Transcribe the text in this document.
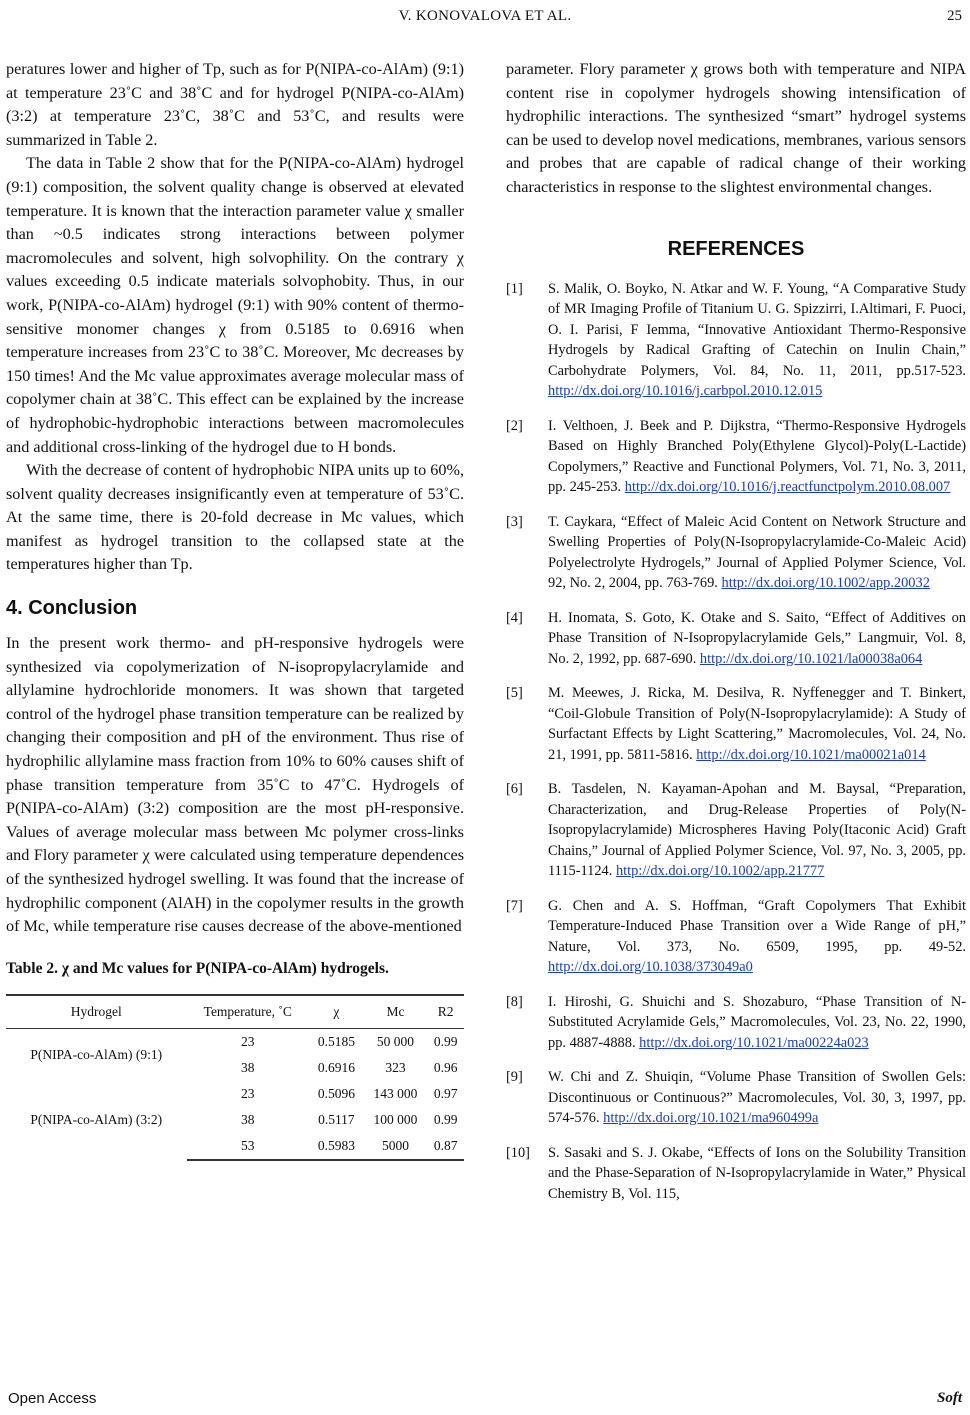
V. KONOVALOVA ET AL.	25

peratures lower and higher of Tp, such as for P(NIPA-co-AlAm) (9:1) at temperature 23˚C and 38˚C and for hydrogel P(NIPA-co-AlAm) (3:2) at temperature 23˚C, 38˚C and 53˚C, and results were summarized in Table 2.

The data in Table 2 show that for the P(NIPA-co-AlAm) hydrogel (9:1) composition, the solvent quality change is observed at elevated temperature. It is known that the interaction parameter value χ smaller than ~0.5 indicates strong interactions between polymer macromolecules and solvent, high solvophility. On the contrary χ values exceeding 0.5 indicate materials solvophobity. Thus, in our work, P(NIPA-co-AlAm) hydrogel (9:1) with 90% content of thermo-sensitive monomer changes χ from 0.5185 to 0.6916 when temperature increases from 23˚C to 38˚C. Moreover, Mc decreases by 150 times! And the Mc value approximates average molecular mass of copolymer chain at 38˚C. This effect can be explained by the increase of hydrophobic-hydrophobic interactions between macromolecules and additional cross-linking of the hydrogel due to H bonds.

With the decrease of content of hydrophobic NIPA units up to 60%, solvent quality decreases insignificantly even at temperature of 53˚C. At the same time, there is 20-fold decrease in Mc values, which manifest as hydrogel transition to the collapsed state at the temperatures higher than Tp.

4. Conclusion

In the present work thermo- and pH-responsive hydrogels were synthesized via copolymerization of N-isopropylacrylamide and allylamine hydrochloride monomers. It was shown that targeted control of the hydrogel phase transition temperature can be realized by changing their composition and pH of the environment. Thus rise of hydrophilic allylamine mass fraction from 10% to 60% causes shift of phase transition temperature from 35˚C to 47˚C. Hydrogels of P(NIPA-co-AlAm) (3:2) composition are the most pH-responsive. Values of average molecular mass between Mc polymer cross-links and Flory parameter χ were calculated using temperature dependences of the synthesized hydrogel swelling. It was found that the increase of hydrophilic component (AlAH) in the copolymer results in the growth of Mc, while temperature rise causes decrease of the above-mentioned

Table 2. χ and Mc values for P(NIPA-co-AlAm) hydrogels.
Hydrogel	Temperature, ˚C	χ	Mc	R2
P(NIPA-co-AlAm) (9:1)	23	0.5185	50 000	0.99
	38	0.6916	323	0.96
P(NIPA-co-AlAm) (3:2)	23	0.5096	143 000	0.97
	38	0.5117	100 000	0.99
	53	0.5983	5000	0.87

parameter. Flory parameter χ grows both with temperature and NIPA content rise in copolymer hydrogels showing intensification of hydrophilic interactions. The synthesized “smart” hydrogel systems can be used to develop novel medications, membranes, various sensors and probes that are capable of radical change of their working characteristics in response to the slightest environmental changes.

REFERENCES
[1]	S. Malik, O. Boyko, N. Atkar and W. F. Young, “A Comparative Study of MR Imaging Profile of Titanium U. G. Spizzirri, I.Altimari, F. Puoci, O. I. Parisi, F Iemma, “Innovative Antioxidant Thermo-Responsive Hydrogels by Radical Grafting of Catechin on Inulin Chain,” Carbohydrate Polymers, Vol. 84, No. 11, 2011, pp.517-523. http://dx.doi.org/10.1016/j.carbpol.2010.12.015
[2]	I. Velthoen, J. Beek and P. Dijkstra, “Thermo-Responsive Hydrogels Based on Highly Branched Poly(Ethylene Glycol)-Poly(L-Lactide) Copolymers,” Reactive and Functional Polymers, Vol. 71, No. 3, 2011, pp. 245-253. http://dx.doi.org/10.1016/j.reactfunctpolym.2010.08.007
[3]	T. Caykara, “Effect of Maleic Acid Content on Network Structure and Swelling Properties of Poly(N-Isopropylacrylamide-Co-Maleic Acid) Polyelectrolyte Hydrogels,” Journal of Applied Polymer Science, Vol. 92, No. 2, 2004, pp. 763-769. http://dx.doi.org/10.1002/app.20032
[4]	H. Inomata, S. Goto, K. Otake and S. Saito, “Effect of Additives on Phase Transition of N-Isopropylacrylamide Gels,” Langmuir, Vol. 8, No. 2, 1992, pp. 687-690. http://dx.doi.org/10.1021/la00038a064
[5]	M. Meewes, J. Ricka, M. Desilva, R. Nyffenegger and T. Binkert, “Coil-Globule Transition of Poly(N-Isopropylacrylamide): A Study of Surfactant Effects by Light Scattering,” Macromolecules, Vol. 24, No. 21, 1991, pp. 5811-5816. http://dx.doi.org/10.1021/ma00021a014
[6]	B. Tasdelen, N. Kayaman-Apohan and M. Baysal, “Preparation, Characterization, and Drug-Release Properties of Poly(N-Isopropylacrylamide) Microspheres Having Poly(Itaconic Acid) Graft Chains,” Journal of Applied Polymer Science, Vol. 97, No. 3, 2005, pp. 1115-1124. http://dx.doi.org/10.1002/app.21777
[7]	G. Chen and A. S. Hoffman, “Graft Copolymers That Exhibit Temperature-Induced Phase Transition over a Wide Range of pH,” Nature, Vol. 373, No. 6509, 1995, pp. 49-52. http://dx.doi.org/10.1038/373049a0
[8]	I. Hiroshi, G. Shuichi and S. Shozaburo, “Phase Transition of N-Substituted Acrylamide Gels,” Macromolecules, Vol. 23, No. 22, 1990, pp. 4887-4888. http://dx.doi.org/10.1021/ma00224a023
[9]	W. Chi and Z. Shuiqin, “Volume Phase Transition of Swollen Gels: Discontinuous or Continuous?” Macromolecules, Vol. 30, 3, 1997, pp. 574-576. http://dx.doi.org/10.1021/ma960499a
[10]	S. Sasaki and S. J. Okabe, “Effects of Ions on the Solubility Transition and the Phase-Separation of N-Isopropylacrylamide in Water,” Physical Chemistry B, Vol. 115,
Open Access	Soft
